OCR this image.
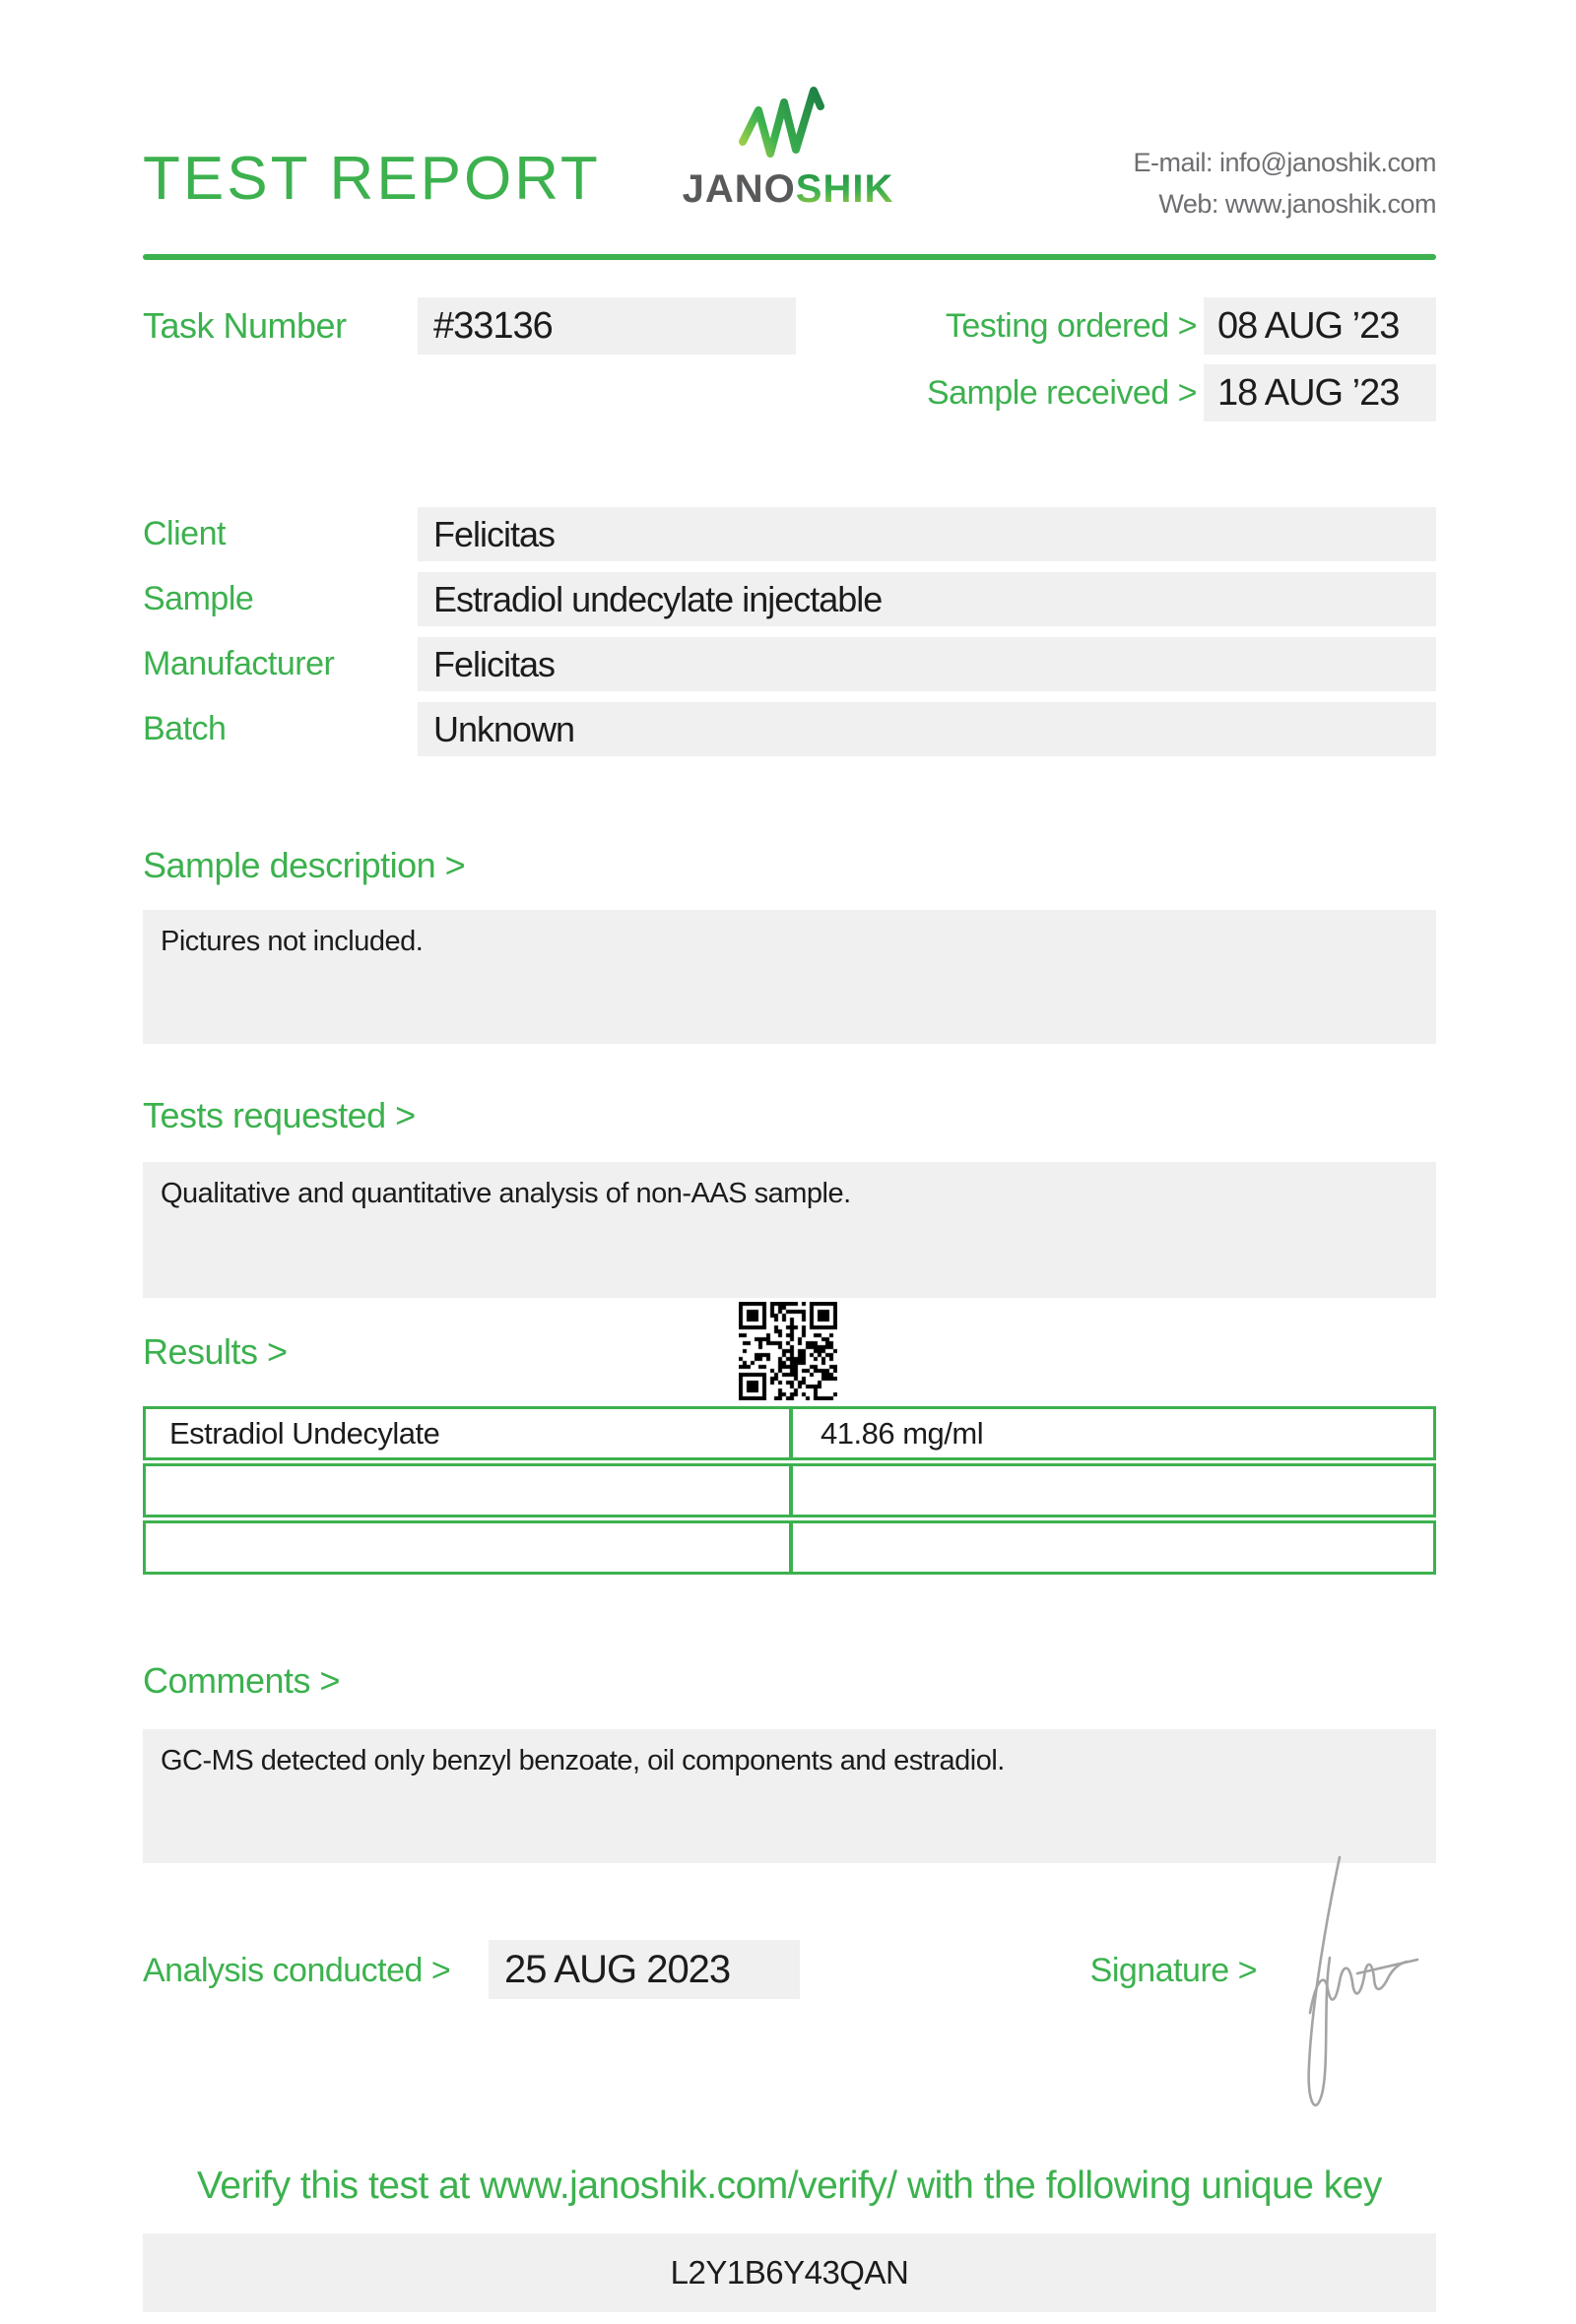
TEST REPORT	JANOSHIK
E-mail: info@janoshik.com
Web: www.janoshik.com
Task Number	#33136	Testing ordered > 08 AUG ’23
Sample received > 18 AUG ’23
Client	Felicitas
Sample	Estradiol undecylate injectable
Manufacturer	Felicitas
Batch	Unknown
Sample description >
Pictures not included.
Tests requested >
Qualitative and quantitative analysis of non-AAS sample.
Results >
Estradiol Undecylate	41.86 mg/ml
Comments >
GC-MS detected only benzyl benzoate, oil components and estradiol.
Analysis conducted >	25 AUG 2023	Signature >
Verify this test at www.janoshik.com/verify/ with the following unique key
L2Y1B6Y43QAN
